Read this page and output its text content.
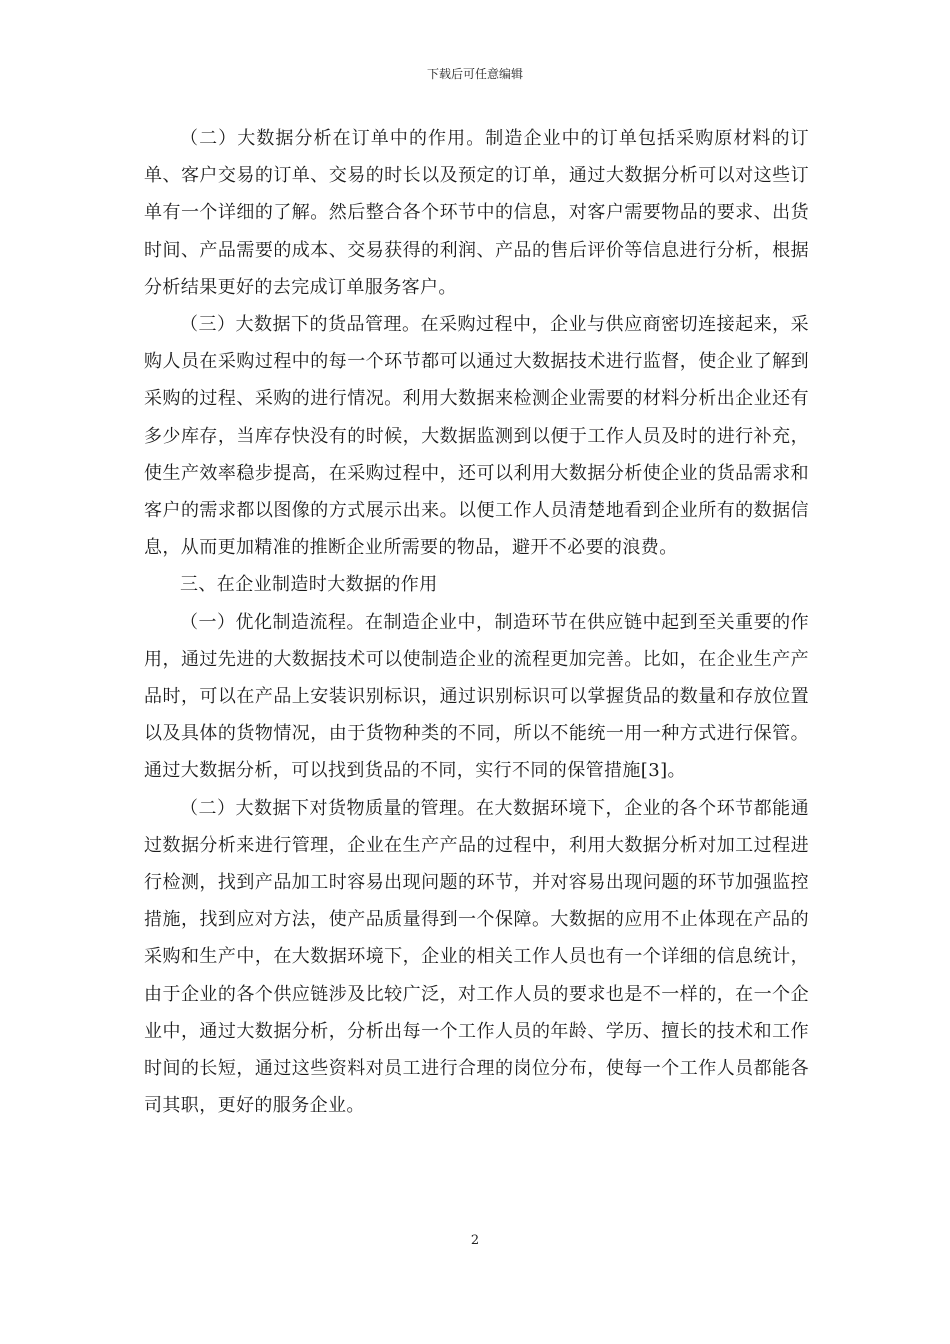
下载后可任意编辑

（二）大数据分析在订单中的作用。制造企业中的订单包括采购原材料的订单、客户交易的订单、交易的时长以及预定的订单，通过大数据分析可以对这些订单有一个详细的了解。然后整合各个环节中的信息，对客户需要物品的要求、出货时间、产品需要的成本、交易获得的利润、产品的售后评价等信息进行分析，根据分析结果更好的去完成订单服务客户。

（三）大数据下的货品管理。在采购过程中，企业与供应商密切连接起来，采购人员在采购过程中的每一个环节都可以通过大数据技术进行监督，使企业了解到采购的过程、采购的进行情况。利用大数据来检测企业需要的材料分析出企业还有多少库存，当库存快没有的时候，大数据监测到以便于工作人员及时的进行补充，使生产效率稳步提高，在采购过程中，还可以利用大数据分析使企业的货品需求和客户的需求都以图像的方式展示出来。以便工作人员清楚地看到企业所有的数据信息，从而更加精准的推断企业所需要的物品，避开不必要的浪费。

三、在企业制造时大数据的作用

（一）优化制造流程。在制造企业中，制造环节在供应链中起到至关重要的作用，通过先进的大数据技术可以使制造企业的流程更加完善。比如，在企业生产产品时，可以在产品上安装识别标识，通过识别标识可以掌握货品的数量和存放位置以及具体的货物情况，由于货物种类的不同，所以不能统一用一种方式进行保管。通过大数据分析，可以找到货品的不同，实行不同的保管措施[3]。

（二）大数据下对货物质量的管理。在大数据环境下，企业的各个环节都能通过数据分析来进行管理，企业在生产产品的过程中，利用大数据分析对加工过程进行检测，找到产品加工时容易出现问题的环节，并对容易出现问题的环节加强监控措施，找到应对方法，使产品质量得到一个保障。大数据的应用不止体现在产品的采购和生产中，在大数据环境下，企业的相关工作人员也有一个详细的信息统计，由于企业的各个供应链涉及比较广泛，对工作人员的要求也是不一样的，在一个企业中，通过大数据分析，分析出每一个工作人员的年龄、学历、擅长的技术和工作时间的长短，通过这些资料对员工进行合理的岗位分布，使每一个工作人员都能各司其职，更好的服务企业。

2
